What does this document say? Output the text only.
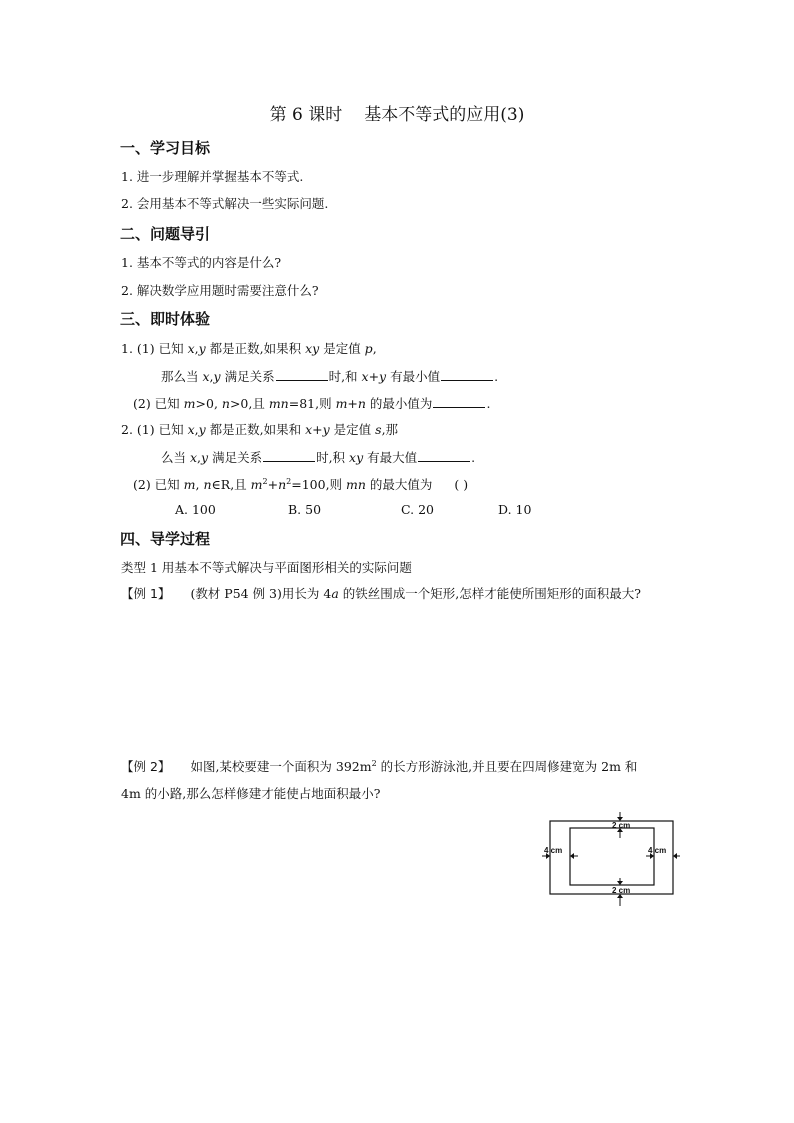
第 6 课时 基本不等式的应用(3)
一、学习目标
1. 进一步理解并掌握基本不等式.
2. 会用基本不等式解决一些实际问题.
二、问题导引
1. 基本不等式的内容是什么?
2. 解决数学应用题时需要注意什么?
三、即时体验
1. (1) 已知 x,y 都是正数,如果积 xy 是定值 p,
那么当 x,y 满足关系	时,和 x+y 有最小值	.
(2) 已知 m>0, n>0,且 mn=81,则 m+n 的最小值为	.
2. (1) 已知 x,y 都是正数,如果和 x+y 是定值 s,那
么当 x,y 满足关系	时,积 xy 有最大值	.
(2) 已知 m, n∈R,且 $m^2+n^2=100$,则 mn 的最大值为 ( )
A. 100	B. 50	C. 20	D. 10
四、导学过程
类型 1 用基本不等式解决与平面图形相关的实际问题
【例 1】 (教材 P54 例 3)用长为 4a 的铁丝围成一个矩形,怎样才能使所围矩形的面积最大?
【例 2】 如图,某校要建一个面积为 $392m^2$ 的长方形游泳池,并且要在四周修建宽为 2m 和
4m 的小路,那么怎样修建才能使占地面积最小?
2 cm
2 cm
4 cm	4 cm
